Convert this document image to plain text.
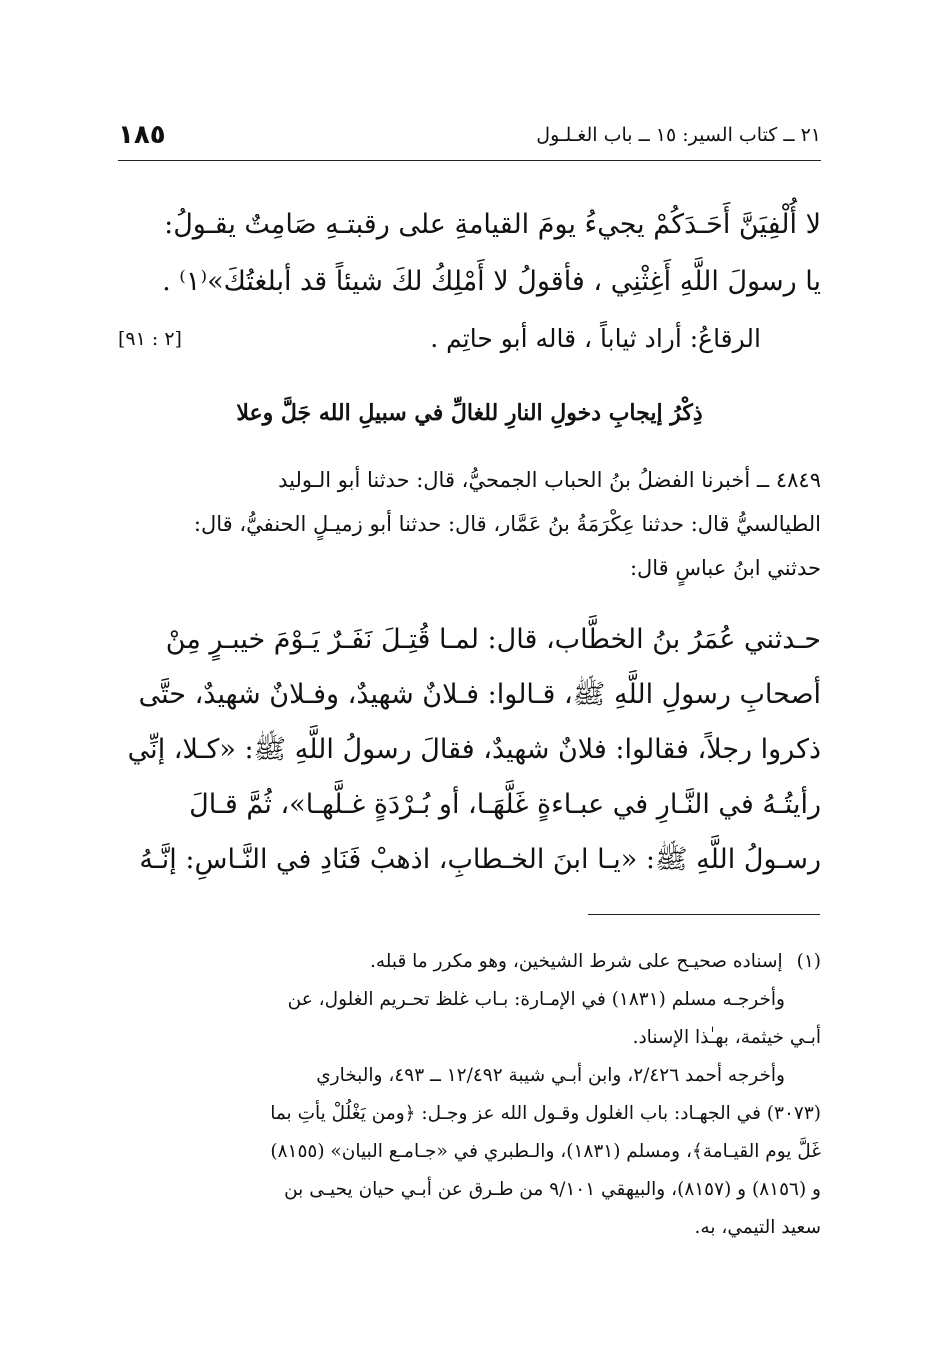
١٨٥	٢١ ــ كتاب السير: ١٥ ــ باب الغـلـول
لا أُلْفِيَنَّ أَحَـدَكُمْ يجيءُ يومَ القيامةِ على رقبتـهِ صَامِتٌ يقـولُ:
يا رسولَ اللَّهِ أَغِثْنِي ، فأقولُ لا أَمْلِكُ لكَ شيئاً قد أبلغتُكَ»⁽١⁾ .
الرقاعُ: أراد ثياباً ، قاله أبو حاتِم .
[٢ : ٩١]
ذِكْرُ إيجابِ دخولِ النارِ للغالِّ في سبيلِ الله جَلَّ وعلا
٤٨٤٩ ــ أخبرنا الفضلُ بنُ الحباب الجمحيُّ، قال: حدثنا أبو الـوليد
الطيالسيُّ قال: حدثنا عِكْرَمَةُ بنُ عَمَّار، قال: حدثنا أبو زميـلٍ الحنفيُّ، قال:
حدثني ابنُ عباسٍ قال:
حـدثني عُمَرُ بنُ الخطَّاب، قال: لمـا قُتِـلَ نَفَـرٌ يَـوْمَ خيبـرٍ مِنْ
أصحابِ رسولِ اللَّهِ ﷺ، قـالوا: فـلانٌ شهيدٌ، وفـلانٌ شهيدٌ، حتَّى
ذكروا رجلاً، فقالوا: فلانٌ شهيدٌ، فقالَ رسولُ اللَّهِ ﷺ: «كـلا، إنِّي
رأيتُـهُ في النَّـارِ في عبـاءةٍ غَلَّهَـا، أو بُـرْدَةٍ غـلَّهـا»، ثُمَّ قـالَ
رسـولُ اللَّهِ ﷺ: «يـا ابنَ الخـطابِ، اذهبْ فَنَادِ في النَّـاسِ: إنَّـهُ
(١)إسناده صحيـح على شرط الشيخين، وهو مكرر ما قبله.
وأخرجـه مسلم (١٨٣١) في الإمـارة: بـاب غلظ تحـريم الغلول، عن
أبـي خيثمة، بهـٰذا الإسناد.
وأخرجه أحمد ٢/٤٢٦، وابن أبـي شيبة ١٢/٤٩٢ ــ ٤٩٣، والبخاري
(٣٠٧٣) في الجهـاد: باب الغلول وقـول الله عز وجـل: ﴿ومن يَغْلُلْ يأتِ بما
غَلَّ يوم القيـامة﴾، ومسلم (١٨٣١)، والـطبري في «جـامـع البيان» (٨١٥٥)
و (٨١٥٦) و (٨١٥٧)، والبيهقي ٩/١٠١ من طـرق عن أبـي حيان يحيـى بن
سعيد التيمي، به.
